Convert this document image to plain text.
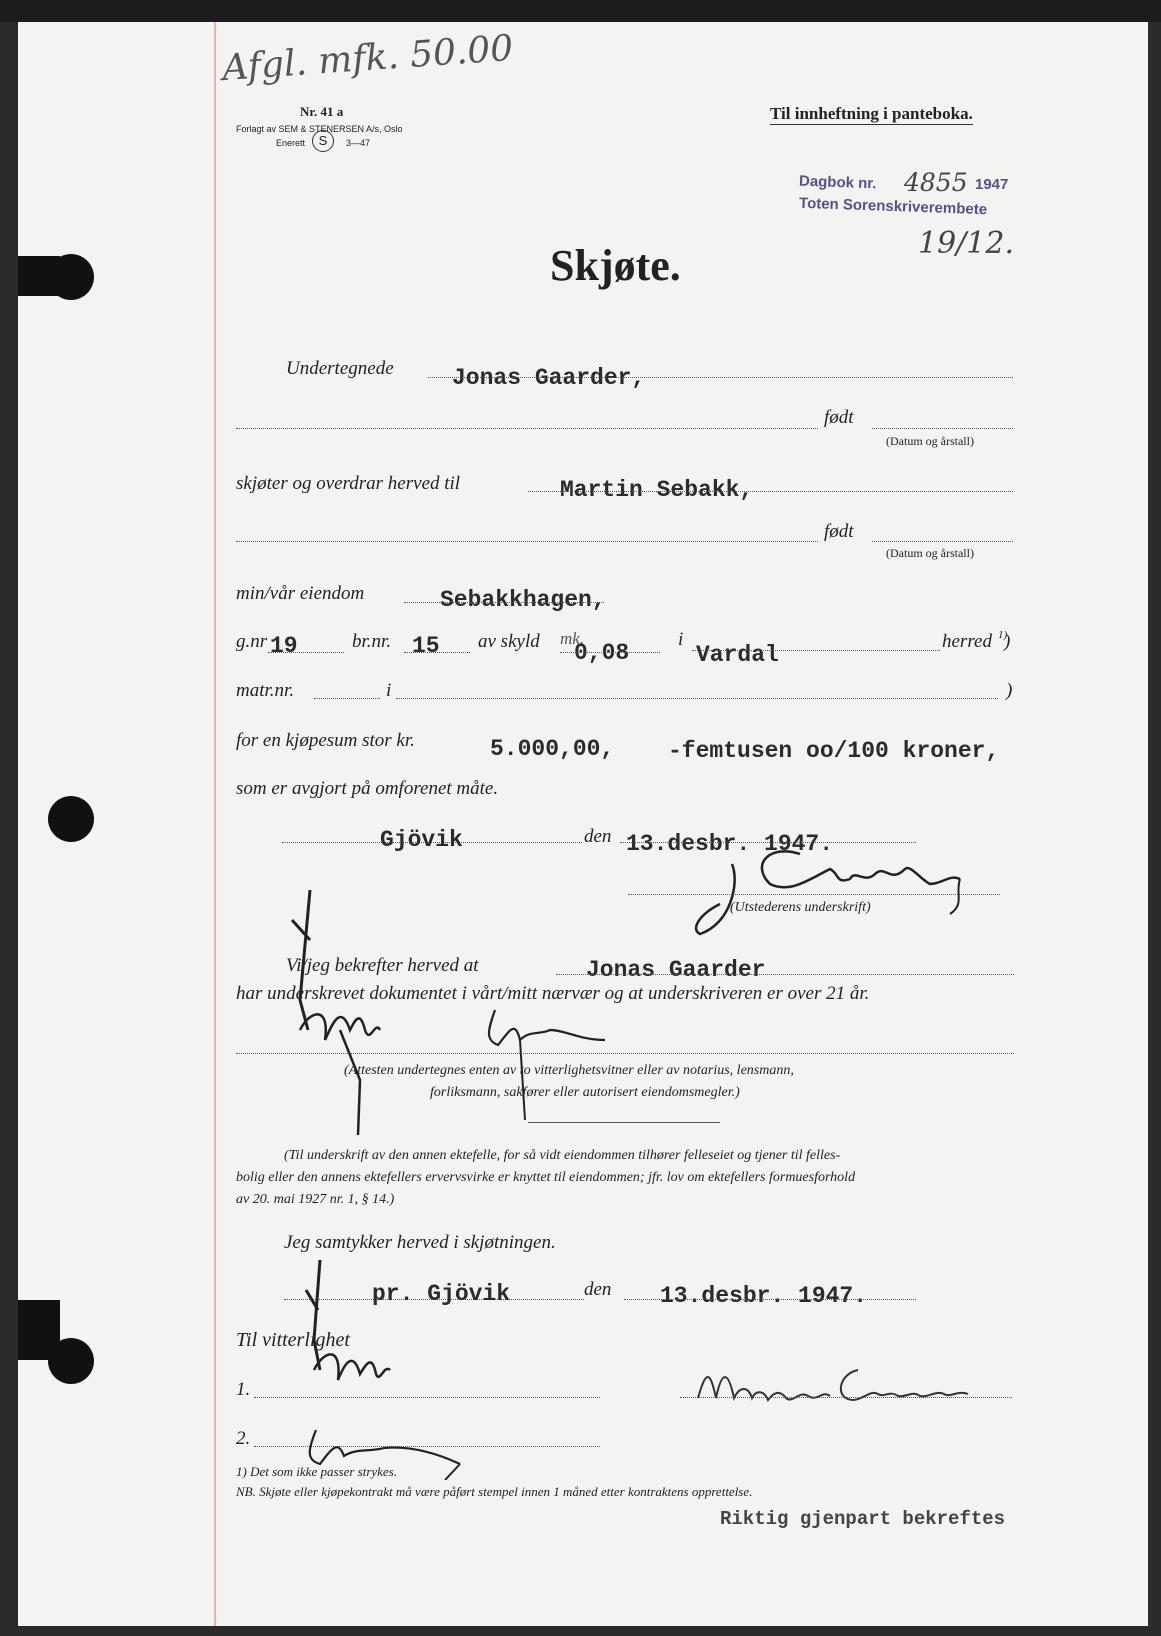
Afgl. mfk. 50.00
Nr. 41 a
Forlagt av SEM & STENERSEN A/s, Oslo
Enerett	S	3—47
Til innheftning i panteboka.
Dagbok nr. 4855 1947
Toten Sorenskriverembete
19/12.
Skjøte.
Undertegnede	Jonas Gaarder,
født
(Datum og årstall)
skjøter og overdrar herved til	Martin Sebakk,
født
(Datum og årstall)
min/vår eiendom	Sebakkhagen,
g.nr 19	br.nr. 15 av skyld mk.
0,08
i
Vardal
herred 1)
)
matr.nr.	i	)
for en kjøpesum stor kr.	5.000,00, -femtusen oo/100 kroner,
som er avgjort på omforenet måte.
Gjövik	den 13.desbr. 1947.
(Utstederens underskrift)
Vi/jeg bekrefter herved at	Jonas Gaarder
har underskrevet dokumentet i vårt/mitt nærvær og at underskriveren er over 21 år.
(Attesten undertegnes enten av to vitterlighetsvitner eller av notarius, lensmann,
forliksmann, sakfører eller autorisert eiendomsmegler.)
(Til underskrift av den annen ektefelle, for så vidt eiendommen tilhører felleseiet og tjener til felles-
bolig eller den annens ektefellers ervervsvirke er knyttet til eiendommen; jfr. lov om ektefellers formuesforhold
av 20. mai 1927 nr. 1, § 14.)
Jeg samtykker herved i skjøtningen.
pr. Gjövik	den 13.desbr. 1947.
Til vitterlighet
1.
2.
1) Det som ikke passer strykes.
NB. Skjøte eller kjøpekontrakt må være påført stempel innen 1 måned etter kontraktens opprettelse.
Riktig gjenpart bekreftes
